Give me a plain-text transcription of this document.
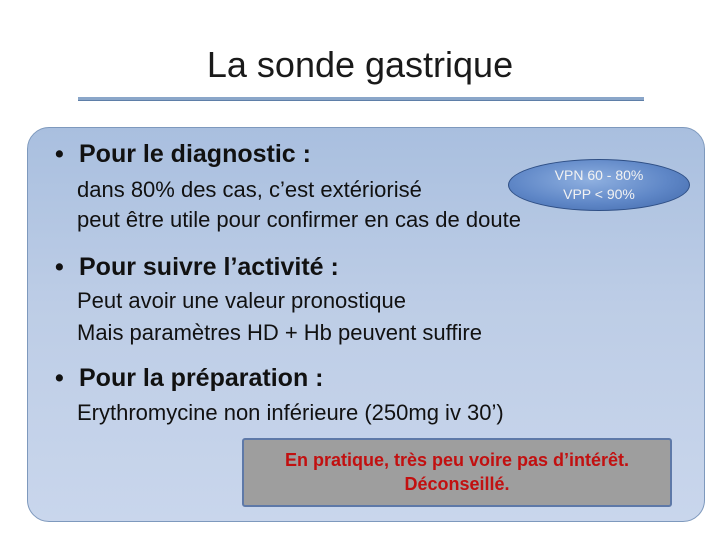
La sonde gastrique
• Pour le diagnostic :
dans 80% des cas, c’est extériorisé
peut être utile pour confirmer en cas de doute
VPN 60 - 80%
VPP < 90%
• Pour suivre l’activité :
Peut avoir une valeur pronostique
Mais paramètres HD + Hb peuvent suffire
• Pour la préparation :
Erythromycine non inférieure (250mg iv 30’)
En pratique, très peu voire pas d’intérêt.
Déconseillé.
